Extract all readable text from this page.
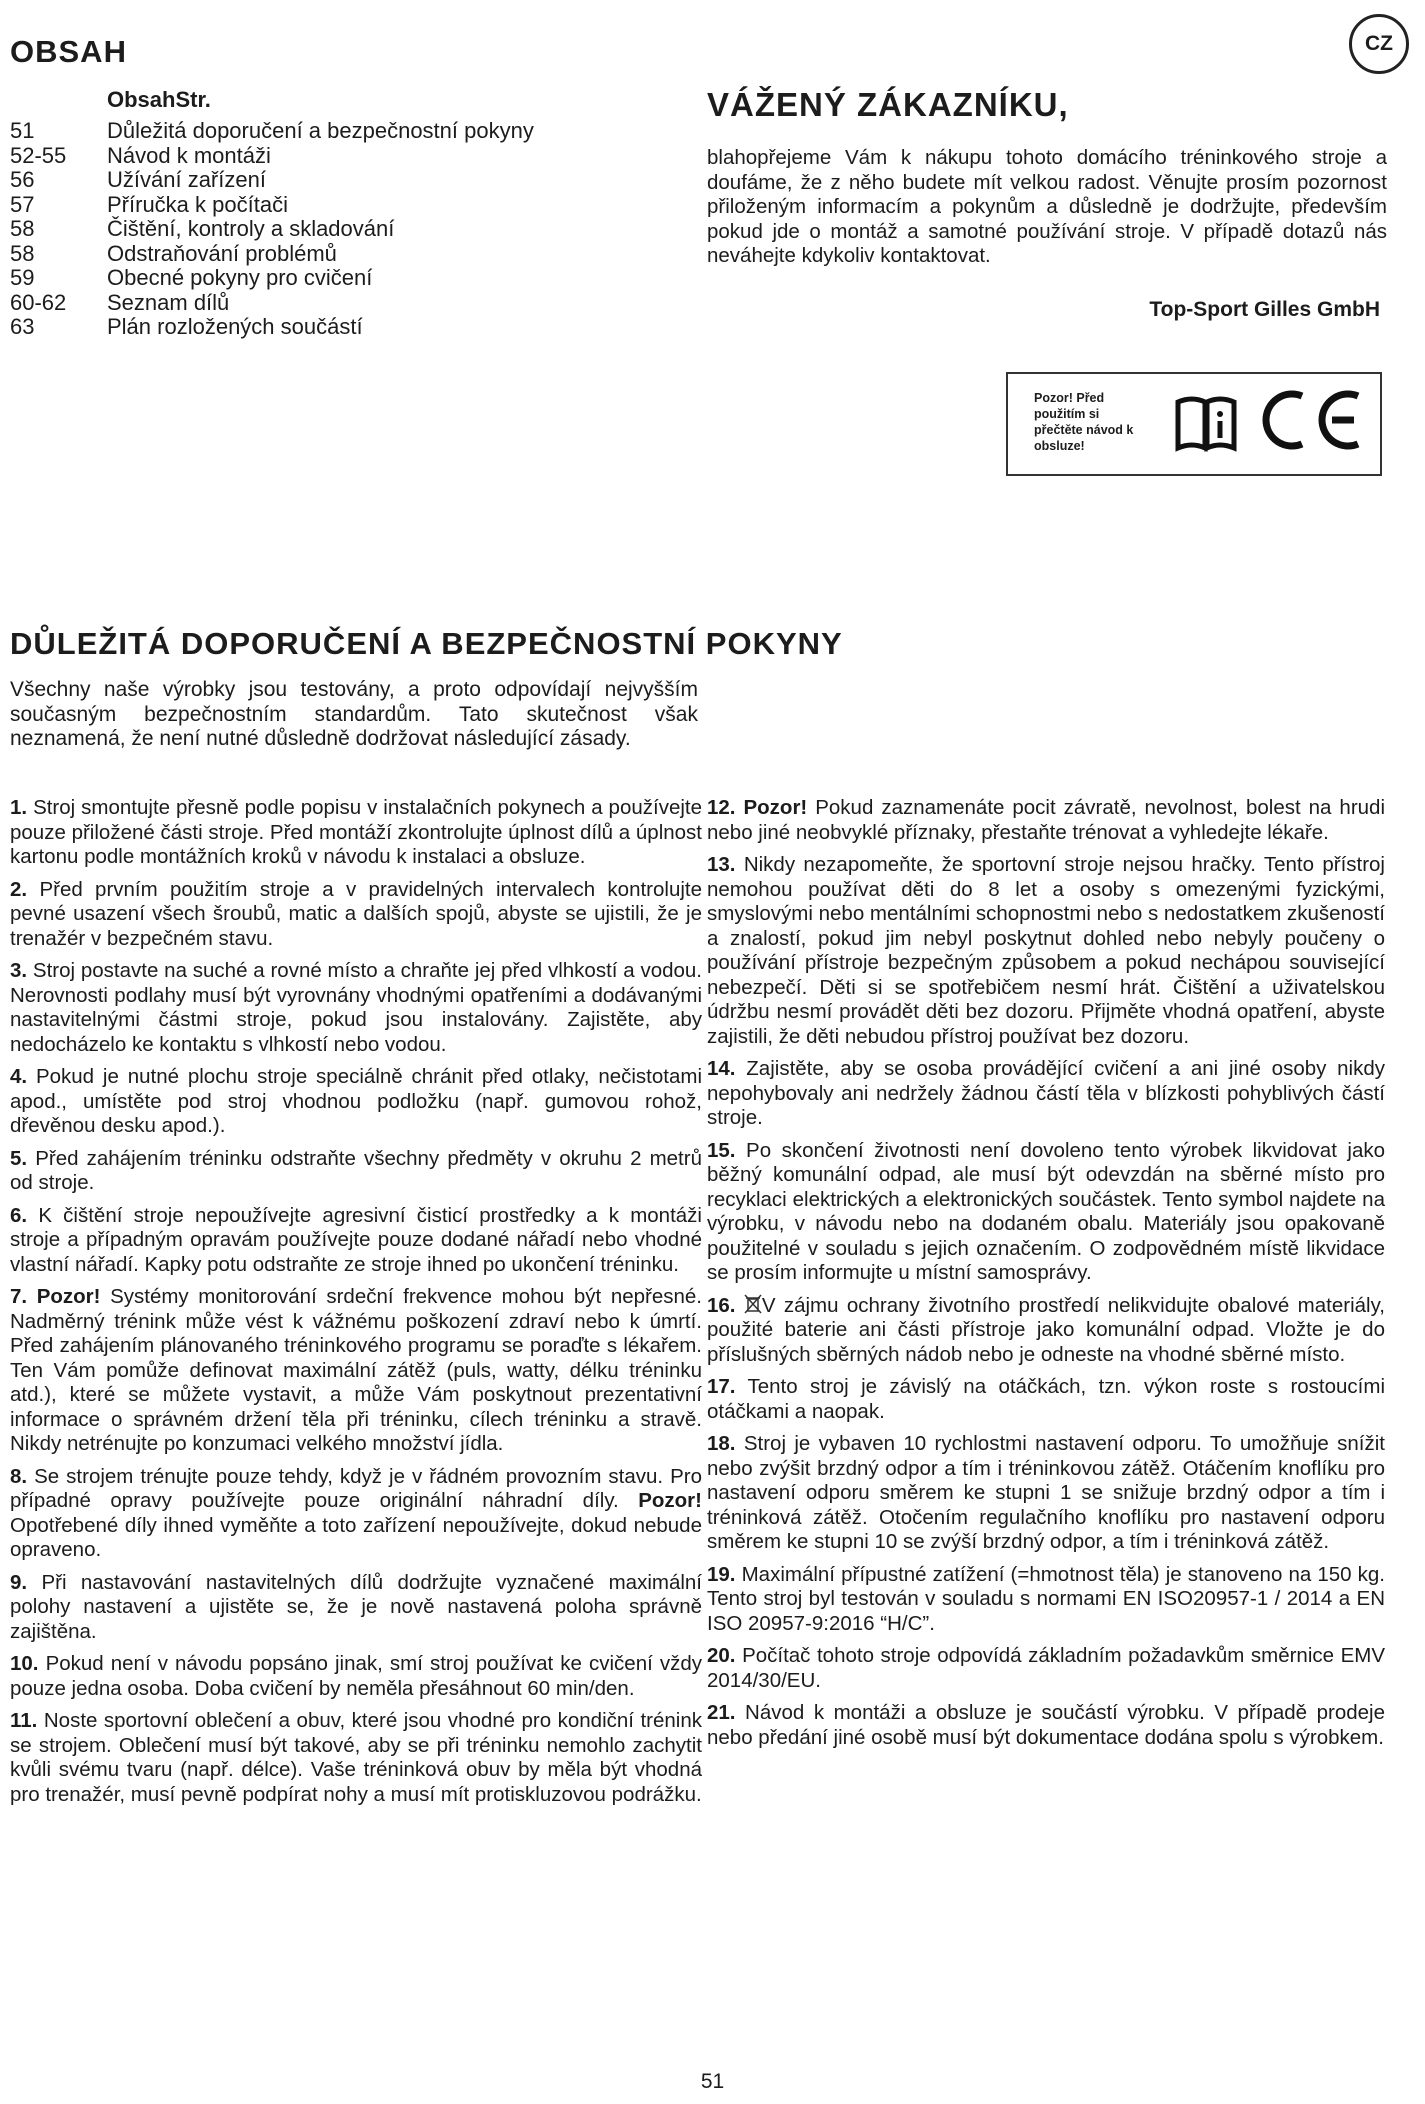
OBSAH	CZ
ObsahStr.
51	Důležitá doporučení a bezpečnostní pokyny
52-55 Návod k montáži
56	Užívání zařízení
57	Příručka k počítači
58	Čištění, kontroly a skladování
58	Odstraňování problémů
59	Obecné pokyny pro cvičení
60-62 Seznam dílů
63	Plán rozložených součástí
VÁŽENÝ ZÁKAZNÍKU,

blahopřejeme Vám k nákupu tohoto domácího tréninkového stroje a doufáme, že z něho budete mít velkou radost. Věnujte prosím pozornost přiloženým informacím a pokynům a důsledně je dodržujte, především pokud jde o montáž a samotné používání stroje. V případě dotazů nás neváhejte kdykoliv kontaktovat.

Top-Sport Gilles GmbH

Pozor! Před použitím si přečtěte návod k obsluze!
DŮLEŽITÁ DOPORUČENÍ A BEZPEČNOSTNÍ POKYNY

Všechny naše výrobky jsou testovány, a proto odpovídají nejvyšším současným bezpečnostním standardům. Tato skutečnost však neznamená, že není nutné důsledně dodržovat následující zásady.

1. Stroj smontujte přesně podle popisu v instalačních pokynech a používejte pouze přiložené části stroje. Před montáží zkontrolujte úplnost dílů a úplnost kartonu podle montážních kroků v návodu k instalaci a obsluze.

2. Před prvním použitím stroje a v pravidelných intervalech kontrolujte pevné usazení všech šroubů, matic a dalších spojů, abyste se ujistili, že je trenažér v bezpečném stavu.

3. Stroj postavte na suché a rovné místo a chraňte jej před vlhkostí a vodou. Nerovnosti podlahy musí být vyrovnány vhodnými opatřeními a dodávanými nastavitelnými částmi stroje, pokud jsou instalovány. Zajistěte, aby nedocházelo ke kontaktu s vlhkostí nebo vodou.

4. Pokud je nutné plochu stroje speciálně chránit před otlaky, nečistotami apod., umístěte pod stroj vhodnou podložku (např. gumovou rohož, dřevěnou desku apod.).

5. Před zahájením tréninku odstraňte všechny předměty v okruhu 2 metrů od stroje.

6. K čištění stroje nepoužívejte agresivní čisticí prostředky a k montáži stroje a případným opravám používejte pouze dodané nářadí nebo vhodné vlastní nářadí. Kapky potu odstraňte ze stroje ihned po ukončení tréninku.

7. Pozor! Systémy monitorování srdeční frekvence mohou být nepřesné. Nadměrný trénink může vést k vážnému poškození zdraví nebo k úmrtí. Před zahájením plánovaného tréninkového programu se poraďte s lékařem. Ten Vám pomůže definovat maximální zátěž (puls, watty, délku tréninku atd.), které se můžete vystavit, a může Vám poskytnout prezentativní informace o správném držení těla při tréninku, cílech tréninku a stravě. Nikdy netrénujte po konzumaci velkého množství jídla.

8. Se strojem trénujte pouze tehdy, když je v řádném provozním stavu. Pro případné opravy používejte pouze originální náhradní díly. Pozor! Opotřebené díly ihned vyměňte a toto zařízení nepoužívejte, dokud nebude opraveno.

9. Při nastavování nastavitelných dílů dodržujte vyznačené maximální polohy nastavení a ujistěte se, že je nově nastavená poloha správně zajištěna.

10. Pokud není v návodu popsáno jinak, smí stroj používat ke cvičení vždy pouze jedna osoba. Doba cvičení by neměla přesáhnout 60 min/den.

11. Noste sportovní oblečení a obuv, které jsou vhodné pro kondiční trénink se strojem. Oblečení musí být takové, aby se při tréninku nemohlo zachytit kvůli svému tvaru (např. délce). Vaše tréninková obuv by měla být vhodná pro trenažér, musí pevně podpírat nohy a musí mít protiskluzovou podrážku.

12. Pozor! Pokud zaznamenáte pocit závratě, nevolnost, bolest na hrudi nebo jiné neobvyklé příznaky, přestaňte trénovat a vyhledejte lékaře.

13. Nikdy nezapomeňte, že sportovní stroje nejsou hračky. Tento přístroj nemohou používat děti do 8 let a osoby s omezenými fyzickými, smyslovými nebo mentálními schopnostmi nebo s nedostatkem zkušeností a znalostí, pokud jim nebyl poskytnut dohled nebo nebyly poučeny o používání přístroje bezpečným způsobem a pokud nechápou související nebezpečí. Děti si se spotřebičem nesmí hrát. Čištění a uživatelskou údržbu nesmí provádět děti bez dozoru. Přijměte vhodná opatření, abyste zajistili, že děti nebudou přístroj používat bez dozoru.

14. Zajistěte, aby se osoba provádějící cvičení a ani jiné osoby nikdy nepohybovaly ani nedržely žádnou částí těla v blízkosti pohyblivých částí stroje.

15. Po skončení životnosti není dovoleno tento výrobek likvidovat jako běžný komunální odpad, ale musí být odevzdán na sběrné místo pro recyklaci elektrických a elektronických součástek. Tento symbol najdete na výrobku, v návodu nebo na dodaném obalu. Materiály jsou opakovaně použitelné v souladu s jejich označením. O zodpovědném místě likvidace se prosím informujte u místní samosprávy.

16. V zájmu ochrany životního prostředí nelikvidujte obalové materiály, použité baterie ani části přístroje jako komunální odpad. Vložte je do příslušných sběrných nádob nebo je odneste na vhodné sběrné místo.

17. Tento stroj je závislý na otáčkách, tzn. výkon roste s rostoucími otáčkami a naopak.

18. Stroj je vybaven 10 rychlostmi nastavení odporu. To umožňuje snížit nebo zvýšit brzdný odpor a tím i tréninkovou zátěž. Otáčením knoflíku pro nastavení odporu směrem ke stupni 1 se snižuje brzdný odpor a tím i tréninková zátěž. Otočením regulačního knoflíku pro nastavení odporu směrem ke stupni 10 se zvýší brzdný odpor, a tím i tréninková zátěž.

19. Maximální přípustné zatížení (=hmotnost těla) je stanoveno na 150 kg. Tento stroj byl testován v souladu s normami EN ISO20957-1 / 2014 a EN ISO 20957-9:2016 “H/C”.

20. Počítač tohoto stroje odpovídá základním požadavkům směrnice EMV 2014/30/EU.

21. Návod k montáži a obsluze je součástí výrobku. V případě prodeje nebo předání jiné osobě musí být dokumentace dodána spolu s výrobkem.

51
